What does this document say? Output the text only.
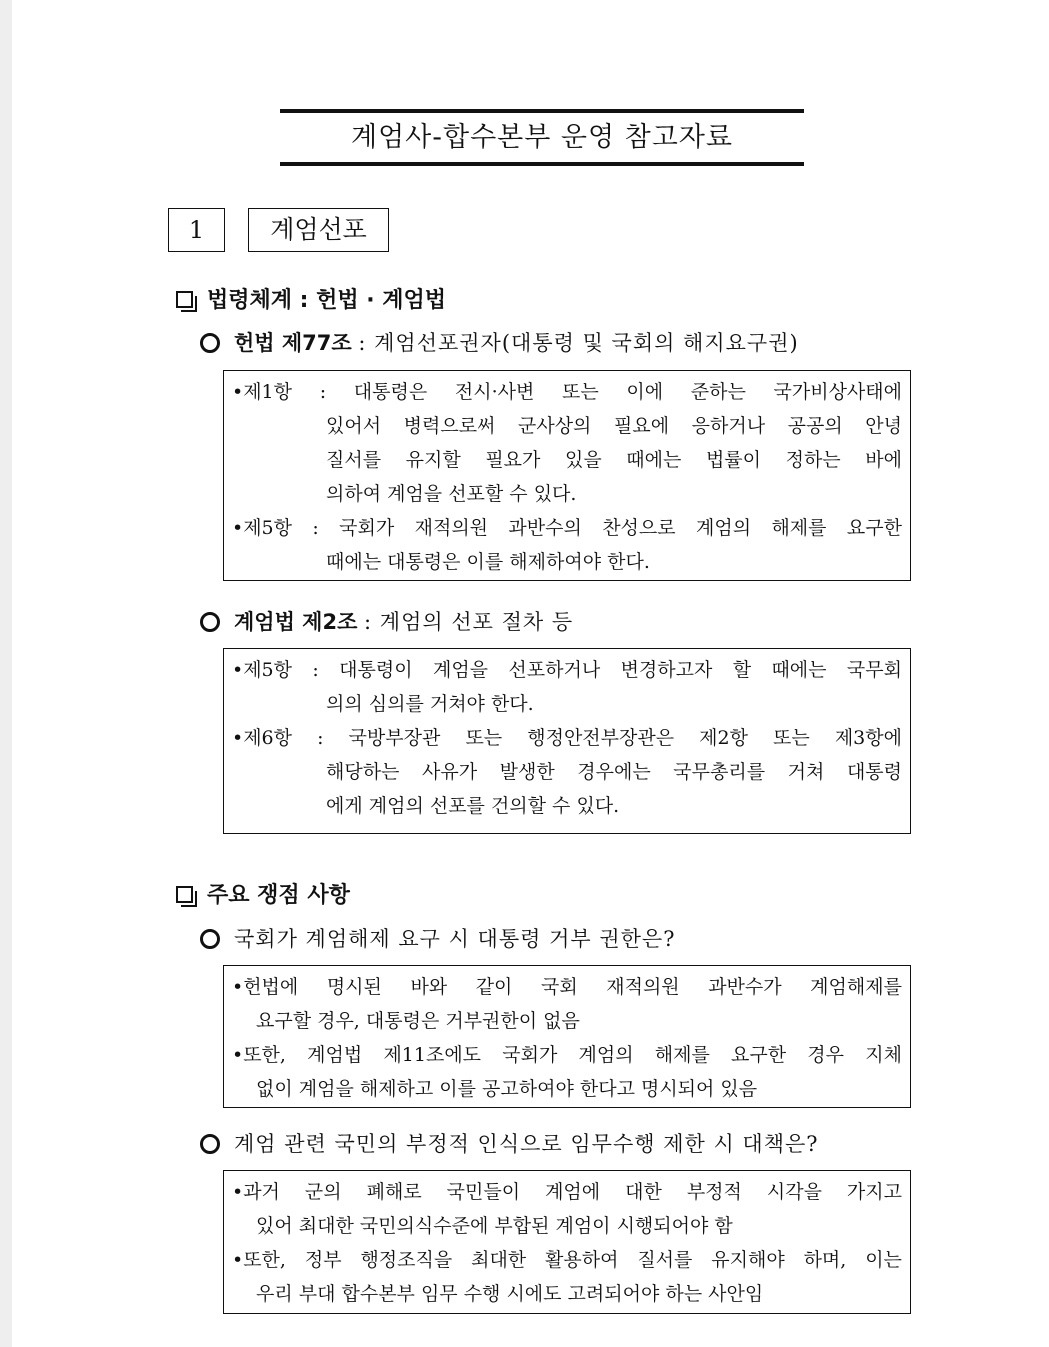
계엄사-합수본부 운영 참고자료
1	계엄선포
법령체계 : 헌법 · 계엄법
헌법 제77조 : 계엄선포권자(대통령 및 국회의 해지요구권)
•제1항 : 대통령은 전시·사변 또는 이에 준하는 국가비상사태에
있어서 병력으로써 군사상의 필요에 응하거나 공공의 안녕
질서를 유지할 필요가 있을 때에는 법률이 정하는 바에
의하여 계엄을 선포할 수 있다.
•제5항 : 국회가 재적의원 과반수의 찬성으로 계엄의 해제를 요구한
때에는 대통령은 이를 해제하여야 한다.
계엄법 제2조 : 계엄의 선포 절차 등
•제5항 : 대통령이 계엄을 선포하거나 변경하고자 할 때에는 국무회
의의 심의를 거쳐야 한다.
•제6항 : 국방부장관 또는 행정안전부장관은 제2항 또는 제3항에
해당하는 사유가 발생한 경우에는 국무총리를 거쳐 대통령
에게 계엄의 선포를 건의할 수 있다.
주요 쟁점 사항
국회가 계엄해제 요구 시 대통령 거부 권한은?
•헌법에 명시된 바와 같이 국회 재적의원 과반수가 계엄해제를
요구할 경우, 대통령은 거부권한이 없음
•또한, 계엄법 제11조에도 국회가 계엄의 해제를 요구한 경우 지체
없이 계엄을 해제하고 이를 공고하여야 한다고 명시되어 있음
계엄 관련 국민의 부정적 인식으로 임무수행 제한 시 대책은?
•과거 군의 폐해로 국민들이 계엄에 대한 부정적 시각을 가지고
있어 최대한 국민의식수준에 부합된 계엄이 시행되어야 함
•또한, 정부 행정조직을 최대한 활용하여 질서를 유지해야 하며, 이는
우리 부대 합수본부 임무 수행 시에도 고려되어야 하는 사안임
